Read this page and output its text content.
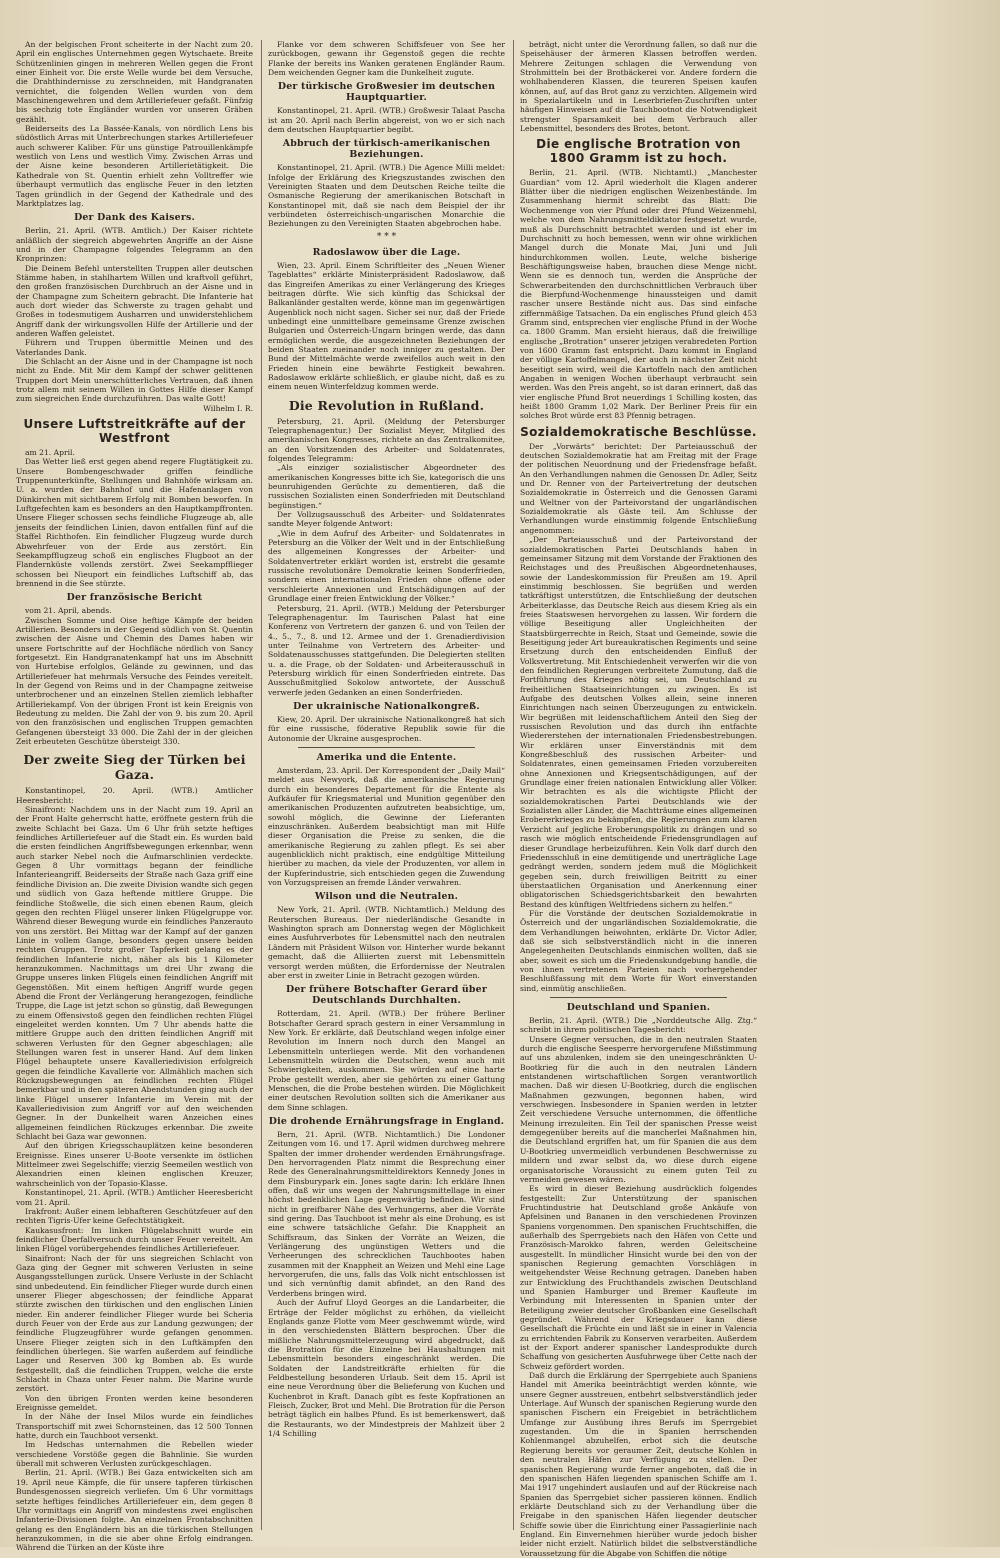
An der belgischen Front scheiterte in der Nacht zum 20. April ein englisches Unternehmen gegen Wytschaete. Breite Schützenlinien gingen in mehreren Wellen gegen die Front einer Einheit vor. Die erste Welle wurde bei dem Versuche, die Drahthindernisse zu zerschneiden, mit Handgranaten vernichtet, die folgenden Wellen wurden von dem Maschinengewehren und dem Artilleriefeuer gefaßt. Fünfzig bis sechzig tote Engländer wurden vor unseren Gräben gezählt.

Beiderseits des La Bassée-Kanals, von nördlich Lens bis südöstlich Arras mit Unterbrechungen starkes Artilleriefeuer auch schwerer Kaliber. Für uns günstige Patrouillenkämpfe westlich von Lens und westlich Vimy. Zwischen Arras und der Aisne keine besonderen Artillerietätigkeit. Die Kathedrale von St. Quentin erhielt zehn Volltreffer wie überhaupt vermutlich das englische Feuer in den letzten Tagen gründlich in der Gegend der Kathedrale und des Marktplatzes lag.

Der Dank des Kaisers.

Berlin, 21. April. (WTB. Amtlich.) Der Kaiser richtete anläßlich der siegreich abgewehrten Angriffe an der Aisne und in der Champagne folgendes Telegramm an den Kronprinzen:

Die Deinem Befehl unterstellten Truppen aller deutschen Stämme haben, in stahlhartem Willen und kraftvoll geführt, den großen französischen Durchbruch an der Aisne und in der Champagne zum Scheitern gebracht. Die Infanterie hat auch dort wieder das Schwerste zu tragen gehabt und Großes in todesmutigem Ausharren und unwiderstehlichem Angriff dank der wirkungsvollen Hilfe der Artillerie und der anderen Waffen geleistet.

Führern und Truppen übermittle Meinen und des Vaterlandes Dank.

Die Schlacht an der Aisne und in der Champagne ist noch nicht zu Ende. Mit Mir dem Kampf der schwer gelittenen Truppen dort Mein unerschütterliches Vertrauen, daß ihnen trotz allem mit seinem Willen in Gottes Hilfe dieser Kampf zum siegreichen Ende durchzuführen. Das walte Gott!

Wilhelm I. R.

Unsere Luftstreitkräfte auf der Westfront

am 21. April.

Das Wetter ließ erst gegen abend regere Flugtätigkeit zu. Unsere Bombengeschwader griffen feindliche Truppenunterkünfte, Stellungen und Bahnhöfe wirksam an. U. a. wurden der Bahnhof und die Hafenanlagen von Dünkirchen mit sichtbarem Erfolg mit Bomben beworfen. In Luftgefechten kam es besonders an den Hauptkampffronten. Unsere Flieger schossen sechs feindliche Flugzeuge ab, alle jenseits der feindlichen Linien, davon entfallen fünf auf die Staffel Richthofen. Ein feindlicher Flugzeug wurde durch Abwehrfeuer von der Erde aus zerstört. Ein Seekampfflugzeug schoß ein englisches Flugboot an der Flandernküste vollends zerstört. Zwei Seekampfflieger schossen bei Nieuport ein feindliches Luftschiff ab, das brennend in die See stürzte.

Der französische Bericht

vom 21. April, abends.

Zwischen Somme und Oise heftige Kämpfe der beiden Artillerien. Besonders in der Gegend südlich von St. Quentin zwischen der Aisne und Chemin des Dames haben wir unsere Fortschritte auf der Hochfläche nördlich von Sancy fortgesetzt. Ein Handgranatenkampf hat uns im Abschnitt von Hurtebise erfolglos, Gelände zu gewinnen, und das Artilleriefeuer hat mehrmals Versuche des Feindes vereitelt. In der Gegend von Reims und in der Champagne zeitweise unterbrochener und an einzelnen Stellen ziemlich lebhafter Artilleriekampf. Von der übrigen Front ist kein Ereignis von Bedeutung zu melden. Die Zahl der von 9. bis zum 20. April von den französischen und englischen Truppen gemachten Gefangenen übersteigt 33 000. Die Zahl der in der gleichen Zeit erbeuteten Geschütze übersteigt 330.

Der zweite Sieg der Türken bei Gaza.

Konstantinopel, 20. April. (WTB.) Amtlicher Heeresbericht:

Sinaifront: Nachdem uns in der Nacht zum 19. April an der Front Halte geherrscht hatte, eröffnete gestern früh die zweite Schlacht bei Gaza. Um 6 Uhr früh setzte heftiges feindliches Artilleriefeuer auf die Stadt ein. Es wurden bald die ersten feindlichen Angriffsbewegungen erkennbar, wenn auch starker Nebel noch die Aufmarschlinien verdeckte. Gegen 8 Uhr vormittags begann der feindliche Infanterieangriff. Beiderseits der Straße nach Gaza griff eine feindliche Division an. Die zweite Division wandte sich gegen und südlich von Gaza heftende mittlere Gruppe. Die feindliche Stoßwelle, die sich einen ebenen Raum, gleich gegen den rechten Flügel unserer linken Flügelgruppe vor. Während dieser Bewegung wurde ein feindliches Panzerauto von uns zerstört. Bei Mittag war der Kampf auf der ganzen Linie in vollem Gange, besonders gegen unsere beiden rechten Gruppen. Trotz großer Tapferkeit gelang es der feindlichen Infanterie nicht, näher als bis 1 Kilometer heranzukommen. Nachmittags um drei Uhr zwang die Gruppe unseres linken Flügels einen feindlichen Angriff mit Gegenstößen. Mit einem heftigen Angriff wurde gegen Abend die Front der Verlängerung herangezogen, feindliche Truppe, die Lage ist jetzt schon so günstig, daß Bewegungen zu einem Offensivstoß gegen den feindlichen rechten Flügel eingeleitet werden konnten. Um 7 Uhr abends hatte die mittlere Gruppe auch den dritten feindlichen Angriff mit schweren Verlusten für den Gegner abgeschlagen; alle Stellungen waren fest in unserer Hand. Auf dem linken Flügel behauptete unsere Kavalleriedivision erfolgreich gegen die feindliche Kavallerie vor. Allmählich machen sich Rückzugsbewegungen an feindlichen rechten Flügel bemerkbar und in den späteren Abendstunden ging auch der linke Flügel unserer Infanterie im Verein mit der Kavalleriedivision zum Angriff vor auf den weichenden Gegner. In der Dunkelheit waren Anzeichen eines allgemeinen feindlichen Rückzuges erkennbar. Die zweite Schlacht bei Gaza war gewonnen.

Auf den übrigen Kriegsschauplätzen keine besonderen Ereignisse. Eines unserer U-Boote versenkte im östlichen Mittelmeer zwei Segelschiffe; vierzig Seemeilen westlich von Alexandrien einen kleinen englischen Kreuzer, wahrscheinlich von der Topasio-Klasse.

Konstantinopel, 21. April. (WTB.) Amtlicher Heeresbericht vom 21. April.

Irakfront: Außer einem lebhafteren Geschützfeuer auf den rechten Tigris-Ufer keine Gefechtstätigkeit.

Kaukasusfront: Im linken Flügelabschnitt wurde ein feindlicher Überfallversuch durch unser Feuer vereitelt. Am linken Flügel vorübergehendes feindliches Artilleriefeuer.

Sinaifront: Nach der für uns siegreichen Schlacht von Gaza ging der Gegner mit schweren Verlusten in seine Ausgangsstellungen zurück. Unsere Verluste in der Schlacht sind unbedeutend. Ein feindlicher Flieger wurde durch einen unserer Flieger abgeschossen; der feindliche Apparat stürzte zwischen den türkischen und den englischen Linien nieder. Ein anderer feindlicher Flieger wurde bei Scheria durch Feuer von der Erde aus zur Landung gezwungen; der feindliche Flugzeugführer wurde gefangen genommen. Unsere Flieger zeigten sich in den Luftkämpfen den feindlichen überlegen. Sie warfen außerdem auf feindliche Lager und Reserven 300 kg Bomben ab. Es wurde festgestellt, daß die feindlichen Truppen, welche die erste Schlacht in Chaza unter Feuer nahm. Die Marine wurde zerstört.

Von den übrigen Fronten werden keine besonderen Ereignisse gemeldet.

In der Nähe der Insel Milos wurde ein feindliches Transportschiff mit zwei Schornsteinen, das 12 500 Tonnen hatte, durch ein Tauchboot versenkt.

Im Hedschas unternahmen die Rebellen wieder verschiedene Vorstöße gegen die Bahnlinie. Sie wurden überall mit schweren Verlusten zurückgeschlagen.

Berlin, 21. April. (WTB.) Bei Gaza entwickelten sich am 19. April neue Kämpfe, die für unsere tapferen türkischen Bundesgenossen siegreich verliefen. Um 6 Uhr vormittags setzte heftiges feindliches Artilleriefeuer ein, dem gegen 8 Uhr vormittags ein Angriff von mindestens zwei englischen Infanterie-Divisionen folgte. An einzelnen Frontabschnitten gelang es den Engländern bis an die türkischen Stellungen heranzukommen, in die sie aber ohne Erfolg eindrangen. Während die Türken an der Küste ihre

Flanke vor dem schweren Schiffsfeuer von See her zurückbogen, gewann ihr Gegenstoß gegen die rechte Flanke der bereits ins Wanken geratenen Engländer Raum. Dem weichenden Gegner kam die Dunkelheit zugute.

Der türkische Großwesier im deutschen Hauptquartier.

Konstantinopel, 21. April. (WTB.) Großwesir Talaat Pascha ist am 20. April nach Berlin abgereist, von wo er sich nach dem deutschen Hauptquartier begibt.

Abbruch der türkisch-amerikanischen Beziehungen.

Konstantinopel, 21. April. (WTB.) Die Agence Milli meldet: Infolge der Erklärung des Kriegszustandes zwischen den Vereinigten Staaten und dem Deutschen Reiche teilte die Osmanische Regierung der amerikanischen Botschaft in Konstantinopel mit, daß sie nach dem Beispiel der ihr verbündeten österreichisch-ungarischen Monarchie die Beziehungen zu den Vereinigten Staaten abgebrochen habe.

* * *
Radoslawow über die Lage.

Wien, 23. April. Einem Schriftleiter des „Neuen Wiener Tageblattes“ erklärte Ministerpräsident Radoslawow, daß das Eingreifen Amerikas zu einer Verlängerung des Krieges beitragen dürfte. Wie sich künftig das Schicksal der Balkanländer gestalten werde, könne man im gegenwärtigen Augenblick noch nicht sagen. Sicher sei nur, daß der Friede unbedingt eine unmittelbare gemeinsame Grenze zwischen Bulgarien und Österreich-Ungarn bringen werde, das dann ermöglichen werde, die ausgezeichneten Beziehungen der beiden Staaten zueinander noch inniger zu gestalten. Der Bund der Mittelmächte werde zweifellos auch weit in den Frieden hinein eine bewährte Festigkeit bewahren. Radoslawow erklärte schließlich, er glaube nicht, daß es zu einem neuen Winterfeldzug kommen werde.

Die Revolution in Rußland.

Petersburg, 21. April. (Meldung der Petersburger Telegraphenagentur.) Der Sozialist Meyer, Mitglied des amerikanischen Kongresses, richtete an das Zentralkomitee, an den Vorsitzenden des Arbeiter- und Soldatenrates, folgendes Telegramm:

„Als einziger sozialistischer Abgeordneter des amerikanischen Kongresses bitte ich Sie, kategorisch die uns beunruhigenden Gerüchte zu dementieren, daß die russischen Sozialisten einen Sonderfrieden mit Deutschland begünstigen.“

Der Vollzugsausschuß des Arbeiter- und Soldatenrates sandte Meyer folgende Antwort:

„Wie in dem Aufruf des Arbeiter- und Soldatenrates in Petersburg an die Völker der Welt und in der Entschließung des allgemeinen Kongresses der Arbeiter- und Soldatenvertreter erklärt worden ist, erstrebt die gesamte russische revolutionäre Demokratie keinen Sonderfrieden, sondern einen internationalen Frieden ohne offene oder verschleierte Annexionen und Entschädigungen auf der Grundlage einer freien Entwicklung der Völker.“

Petersburg, 21. April. (WTB.) Meldung der Petersburger Telegraphenagentur. Im Taurischen Palast hat eine Konferenz von Vertretern der ganzen 6. und von Teilen der 4., 5., 7., 8. und 12. Armee und der 1. Grenadierdivision unter Teilnahme von Vertretern des Arbeiter- und Soldatenausschusses stattgefunden. Die Delegierten stellten u. a. die Frage, ob der Soldaten- und Arbeiterausschuß in Petersburg wirklich für einen Sonderfrieden eintrete. Das Ausschußmitglied Sokolow antwortete, der Ausschuß verwerfe jeden Gedanken an einen Sonderfrieden.

Der ukrainische Nationalkongreß.

Kiew, 20. April. Der ukrainische Nationalkongreß hat sich für eine russische, föderative Republik sowie für die Autonomie der Ukraine ausgesprochen.

Amerika und die Entente.

Amsterdam, 23. April. Der Korrespondent der „Daily Mail“ meldet aus Newyork, daß die amerikanische Regierung durch ein besonderes Departement für die Entente als Aufkäufer für Kriegsmaterial und Munition gegenüber den amerikanischen Produzenten aufzutreten beabsichtige, um, sowohl möglich, die Gewinne der Lieferanten einzuschränken. Außerdem beabsichtigt man mit Hilfe dieser Organisation die Preise zu senken, die die amerikanische Regierung zu zahlen pflegt. Es sei aber augenblicklich nicht praktisch, eine endgültige Mitteilung hierüber zu machen, da viele der Produzenten, vor allem in der Kupferindustrie, sich entschieden gegen die Zuwendung von Vorzugspreisen an fremde Länder verwahren.

Wilson und die Neutralen.

New York, 21. April. (WTB. Nichtamtlich.) Meldung des Reuterschen Bureaus. Der niederländische Gesandte in Washington sprach am Donnerstag wegen der Möglichkeit eines Ausfuhrverbotes für Lebensmittel nach den neutralen Ländern mit Präsident Wilson vor. Hinterher wurde bekannt gemacht, daß die Alliierten zuerst mit Lebensmitteln versorgt werden müßten, die Erfordernisse der Neutralen aber erst in zweiter Linie in Betracht gezogen würden.

Der frühere Botschafter Gerard über Deutschlands Durchhalten.

Rotterdam, 21. April. (WTB.) Der frühere Berliner Botschafter Gerard sprach gestern in einer Versammlung in New York. Er erklärte, daß Deutschland wegen infolge einer Revolution im Innern noch durch den Mangel an Lebensmitteln unterliegen werde. Mit den vorhandenen Lebensmitteln würden die Deutschen, wenn auch mit Schwierigkeiten, auskommen. Sie würden auf eine harte Probe gestellt werden, aber sie gehörten zu einer Gattung Menschen, die die Probe bestehen würden. Die Möglichkeit einer deutschen Revolution sollten sich die Amerikaner aus dem Sinne schlagen.

Die drohende Ernährungsfrage in England.

Bern, 21. April. (WTB. Nichtamtlich.) Die Londoner Zeitungen vom 16. und 17. April widmen durchweg mehrere Spalten der immer drohender werdenden Ernährungsfrage. Den hervorragenden Platz nimmt die Besprechung einer Rede des Generalnahrungsmitteldirektors Kennedy Jones in dem Finsburypark ein. Jones sagte darin: Ich erkläre Ihnen offen, daß wir uns wegen der Nahrungsmittellage in einer höchst bedenklichen Lage gegenwärtig befinden. Wir sind nicht in greifbarer Nähe des Verhungerns, aber die Vorräte sind gering. Das Tauchboot ist mehr als eine Drohung, es ist eine schwere tatsächliche Gefahr. Die Knappheit an Schiffsraum, das Sinken der Vorräte an Weizen, die Verlängerung des ungünstigen Wetters und die Verheerungen des schrecklichen Tauchbootes haben zusammen mit der Knappheit an Weizen und Mehl eine Lage hervorgerufen, die uns, falls das Volk nicht entschlossen ist und sich vernünftig damit abfindet, an den Rand des Verderbens bringen wird.

Auch der Aufruf Lloyd Georges an die Landarbeiter, die Erträge der Felder möglichst zu erhöhen, da vielleicht Englands ganze Flotte vom Meer geschwemmt würde, wird in den verschiedensten Blättern besprochen. Über die mißliche Nahrungsmittelerzeugung wird abgedruckt, daß die Brotration für die Einzelne bei Haushaltungen mit Lebensmitteln besonders eingeschränkt werden. Die Soldaten der Landstreitkräfte erhielten für die Feldbestellung besonderen Urlaub. Seit dem 15. April ist eine neue Verordnung über die Belieferung von Kuchen und Kuchenbrot in Kraft. Danach gibt es feste Kopfrationen an Fleisch, Zucker, Brot und Mehl. Die Brotration für die Person beträgt täglich ein halbes Pfund. Es ist bemerkenswert, daß die Restaurants, wo der Mindestpreis der Mahlzeit über 2 1/4 Schilling

beträgt, nicht unter die Verordnung fallen, so daß nur die Speisehäuser der ärmeren Klassen betroffen werden. Mehrere Zeitungen schlagen die Verwendung von Strohmitteln bei der Brotbäckerei vor. Andere fordern die wohlhabenderen Klassen, die teureren Speisen kaufen können, auf, auf das Brot ganz zu verzichten. Allgemein wird in Spezialartikeln und in Leserbriefen-Zuschriften unter häufigen Hinweisen auf die Tauchbootnot die Notwendigkeit strengster Sparsamkeit bei dem Verbrauch aller Lebensmittel, besonders des Brotes, betont.

Die englische Brotration von 1800 Gramm ist zu hoch.

Berlin, 21. April. (WTB. Nichtamtl.) „Manchester Guardian“ vom 12. April wiederholt die Klagen anderer Blätter über die niedrigen englischen Weizenbestände. Im Zusammenhang hiermit schreibt das Blatt: Die Wochenmenge von vier Pfund oder drei Pfund Weizenmehl, welche von dem Nahrungsmitteldiktator festgesetzt wurde, muß als Durchschnitt betrachtet werden und ist eher im Durchschnitt zu hoch bemessen, wenn wir ohne wirklichen Mangel durch die Monate Mai, Juni und Juli hindurchkommen wollen. Leute, welche bisherige Beschäftigungsweise haben, brauchen diese Menge nicht. Wenn sie es dennoch tun, werden die Ansprüche der Schwerarbeitenden den durchschnittlichen Verbrauch über die Bierpfund-Wochenmenge hinaussteigen und damit rascher unsere Bestände nicht aus. Das sind einfache ziffernmäßige Tatsachen. Da ein englisches Pfund gleich 453 Gramm sind, entsprechen vier englische Pfund in der Woche ca. 1800 Gramm. Man ersieht hieraus, daß die freiwillige englische „Brotration“ unserer jetzigen verabredeten Portion von 1600 Gramm fast entspricht. Dazu kommt in England der völlige Kartoffelmangel, der auch in nächster Zeit nicht beseitigt sein wird, weil die Kartoffeln nach den amtlichen Angaben in wenigen Wochen überhaupt verbraucht sein werden. Was den Preis angeht, so ist daran erinnert, daß das vier englische Pfund Brot neuerdings 1 Schilling kosten, das heißt 1800 Gramm 1,02 Mark. Der Berliner Preis für ein solches Brot würde erst 83 Pfennig betragen.

Sozialdemokratische Beschlüsse.

Der „Vorwärts“ berichtet: Der Parteiausschuß der deutschen Sozialdemokratie hat am Freitag mit der Frage der politischen Neuordnung und der Friedensfrage befaßt. An den Verhandlungen nahmen die Genossen Dr. Adler, Seitz und Dr. Renner von der Parteivertretung der deutschen Sozialdemokratie in Österreich und die Genossen Garami und Weltner von der Parteivorstand der ungarländischen Sozialdemokratie als Gäste teil. Am Schlusse der Verhandlungen wurde einstimmig folgende Entschließung angenommen:

„Der Parteiausschuß und der Parteivorstand der sozialdemokratischen Partei Deutschlands haben in gemeinsamer Sitzung mit dem Vorstande der Fraktionen des Reichstages und des Preußischen Abgeordnetenhauses, sowie der Landeskommission für Preußen am 19. April einstimmig beschlossen. Sie begrüßen und werden tatkräftigst unterstützen, die Entschließung der deutschen Arbeiterklasse, das Deutsche Reich aus diesem Krieg als ein freies Staatswesen hervorgehen zu lassen. Wir fordern die völlige Beseitigung aller Ungleichheiten der Staatsbürgerrechte in Reich, Staat und Gemeinde, sowie die Beseitigung jeder Art bureaukratischen Regiments und seine Ersetzung durch den entscheidenden Einfluß der Volksvertretung. Mit Entschiedenheit verwerfen wir die von den feindlichen Regierungen verbreitete Zumutung, daß die Fortführung des Krieges nötig sei, um Deutschland zu freiheitlichen Staatseinrichtungen zu zwingen. Es ist Aufgabe des deutschen Volkes allein, seine inneren Einrichtungen nach seinen Überzeugungen zu entwickeln. Wir begrüßen mit leidenschaftlichem Anteil den Sieg der russischen Revolution und das durch ihn entfachte Wiedererstehen der internationalen Friedensbestrebungen. Wir erklären unser Einverständnis mit dem Kongreßbeschluß des russischen Arbeiter- und Soldatenrates, einen gemeinsamen Frieden vorzubereiten ohne Annexionen und Kriegsentschädigungen, auf der Grundlage einer freien nationalen Entwicklung aller Völker. Wir betrachten es als die wichtigste Pflicht der sozialdemokratischen Partei Deutschlands wie der Sozialisten aller Länder, die Machtträume eines allgemeinen Erobererkrieges zu bekämpfen, die Regierungen zum klaren Verzicht auf jegliche Eroberungspolitik zu drängen und so rasch wie möglich entscheidende Friedensgrundlagen auf dieser Grundlage herbeizuführen. Kein Volk darf durch den Friedensschluß in eine demütigende und unerträgliche Lage gedrängt werden, sondern jedem muß die Möglichkeit gegeben sein, durch freiwilligen Beitritt zu einer überstaatlichen Organisation und Anerkennung einer obligatorischen Schiedsgerichtsbarkeit den bewahrten Bestand des künftigen Weltfriedens sichern zu helfen.“

Für die Vorstände der deutschen Sozialdemokratie in Österreich und der ungarländischen Sozialdemokratie, die dem Verhandlungen beiwohnten, erklärte Dr. Victor Adler, daß sie sich selbstverständlich nicht in die inneren Angelegenheiten Deutschlands einmischen wollten, daß sie aber, soweit es sich um die Friedenskundgebung handle, die von ihnen vertretenen Parteien nach vorhergehender Beschlußfassung mit dem Worte für Wort einverstanden sind, einmütig anschließen.

Deutschland und Spanien.

Berlin, 21. April. (WTB.) Die „Norddeutsche Allg. Ztg.“ schreibt in ihrem politischen Tagesbericht:

Unsere Gegner versuchen, die in den neutralen Staaten durch die englische Seesperre hervorgerufene Mißstimmung auf uns abzulenken, indem sie den uneingeschränkten U-Bootkrieg für die auch in den neutralen Ländern entstandenen wirtschaftlichen Sorgen verantwortlich machen. Daß wir diesen U-Bootkrieg, durch die englischen Maßnahmen gezwungen, begonnen haben, wird verschwiegen. Insbesondere in Spanien werden in letzter Zeit verschiedene Versuche unternommen, die öffentliche Meinung irrezuleiten. Ein Teil der spanischen Presse weist demgegenüber bereits auf die mancherlei Maßnahmen hin, die Deutschland ergriffen hat, um für Spanien die aus dem U-Bootkrieg unvermeidlich verbundenen Beschwernisse zu mildern und zwar selbst da, wo diese durch eigene organisatorische Voraussicht zu einem guten Teil zu vermeiden gewesen wären.

Es wird in dieser Beziehung ausdrücklich folgendes festgestellt: Zur Unterstützung der spanischen Fruchtindustrie hat Deutschland große Ankäufe von Apfelsinen und Bananen in den verschiedenen Provinzen Spaniens vorgenommen. Den spanischen Fruchtschiffen, die außerhalb des Sperrgebiets nach den Häfen von Cette und Französisch-Marokko fahren, werden Geleitscheine ausgestellt. In mündlicher Hinsicht wurde bei den von der spanischen Regierung gemachten Vorschlägen in weitgehendster Weise Rechnung getragen. Daneben haben zur Entwicklung des Fruchthandels zwischen Deutschland und Spanien Hamburger und Bremer Kaufleute im Verbindung mit Interessenten in Spanien unter der Beteiligung zweier deutscher Großbanken eine Gesellschaft gegründet. Während der Kriegsdauer kann diese Gesellschaft die Früchte ein und läßt sie in einer in Valencia zu errichtenden Fabrik zu Konserven verarbeiten. Außerdem ist der Export anderer spanischer Landesprodukte durch Schaffung von gesicherten Ausfuhrwege über Cette nach der Schweiz gefördert worden.

Daß durch die Erklärung der Sperrgebiete auch Spaniens Handel mit Amerika beeinträchtigt werden könnte, wie unsere Gegner ausstreuen, entbehrt selbstverständlich jeder Unterlage. Auf Wunsch der spanischen Regierung wurde den spanischen Fischern ein Freigebiet in beträchtlichem Umfange zur Ausübung ihres Berufs im Sperrgebiet zugestanden. Um die in Spanien herrschenden Kohlenmangel abzuhelfen, erbot sich die deutsche Regierung bereits vor geraumer Zeit, deutsche Kohlen in den neutralen Häfen zur Verfügung zu stellen. Der spanischen Regierung wurde ferner angeboten, daß die in den spanischen Häfen liegenden spanischen Schiffe am 1. Mai 1917 ungehindert auslaufen und auf der Rückreise nach Spanien das Sperrgebiet sicher passieren können. Endlich erklärte Deutschland sich zu der Verhandlung über die Freigabe in den spanischen Häfen liegender deutscher Schiffe sowie über die Einrichtung einer Passagierlinie nach England. Ein Einvernehmen hierüber wurde jedoch bisher leider nicht erzielt. Natürlich bildet die selbstverständliche Voraussetzung für die Abgabe von Schiffen die nötige
